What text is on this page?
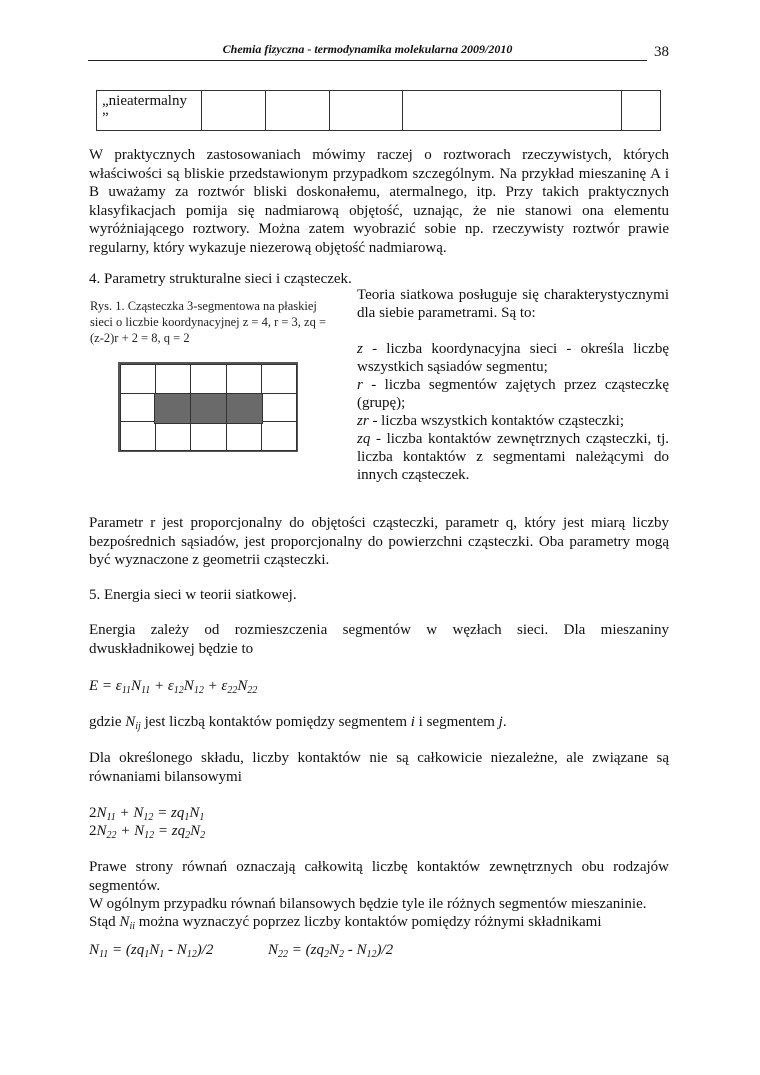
Chemia fizyczna - termodynamika molekularna 2009/2010	38
„nieatermalny ”					
W praktycznych zastosowaniach mówimy raczej o roztworach rzeczywistych, których właściwości są bliskie przedstawionym przypadkom szczególnym. Na przykład mieszaninę A i B uważamy za roztwór bliski doskonałemu, atermalnego, itp. Przy takich praktycznych klasyfikacjach pomija się nadmiarową objętość, uznając, że nie stanowi ona elementu wyróżniającego roztwory. Można zatem wyobrazić sobie np. rzeczywisty roztwór prawie regularny, który wykazuje niezerową objętość nadmiarową.
4. Parametry strukturalne sieci i cząsteczek.
Rys. 1. Cząsteczka 3-segmentowa na płaskiej sieci o liczbie koordynacyjnej z = 4, r = 3, zq = (z-2)r + 2 = 8, q = 2
Teoria siatkowa posługuje się charakterystycznymi dla siebie parametrami. Są to:
z - liczba koordynacyjna sieci - określa liczbę wszystkich sąsiadów segmentu;
r - liczba segmentów zajętych przez cząsteczkę (grupę);
zr - liczba wszystkich kontaktów cząsteczki;
zq - liczba kontaktów zewnętrznych cząsteczki, tj. liczba kontaktów z segmentami należącymi do innych cząsteczek.
Parametr r jest proporcjonalny do objętości cząsteczki, parametr q, który jest miarą liczby bezpośrednich sąsiadów, jest proporcjonalny do powierzchni cząsteczki. Oba parametry mogą być wyznaczone z geometrii cząsteczki.
5. Energia sieci w teorii siatkowej.
Energia zależy od rozmieszczenia segmentów w węzłach sieci. Dla mieszaniny dwuskładnikowej będzie to
$E = \varepsilon_{11}N_{11} + \varepsilon_{12}N_{12} + \varepsilon_{22}N_{22}$
gdzie $N_{ij}$ jest liczbą kontaktów pomiędzy segmentem i i segmentem j.
Dla określonego składu, liczby kontaktów nie są całkowicie niezależne, ale związane są równaniami bilansowymi
$2N_{11} + N_{12} = zq_1N_1$
$2N_{22} + N_{12} = zq_2N_2$
Prawe strony równań oznaczają całkowitą liczbę kontaktów zewnętrznych obu rodzajów segmentów.
W ogólnym przypadku równań bilansowych będzie tyle ile różnych segmentów mieszaninie.
Stąd $N_{ii}$ można wyznaczyć poprzez liczby kontaktów pomiędzy różnymi składnikami
$N_{11} = (zq_1N_1 - N_{12})/2$	$N_{22} = (zq_2N_2 - N_{12})/2$
